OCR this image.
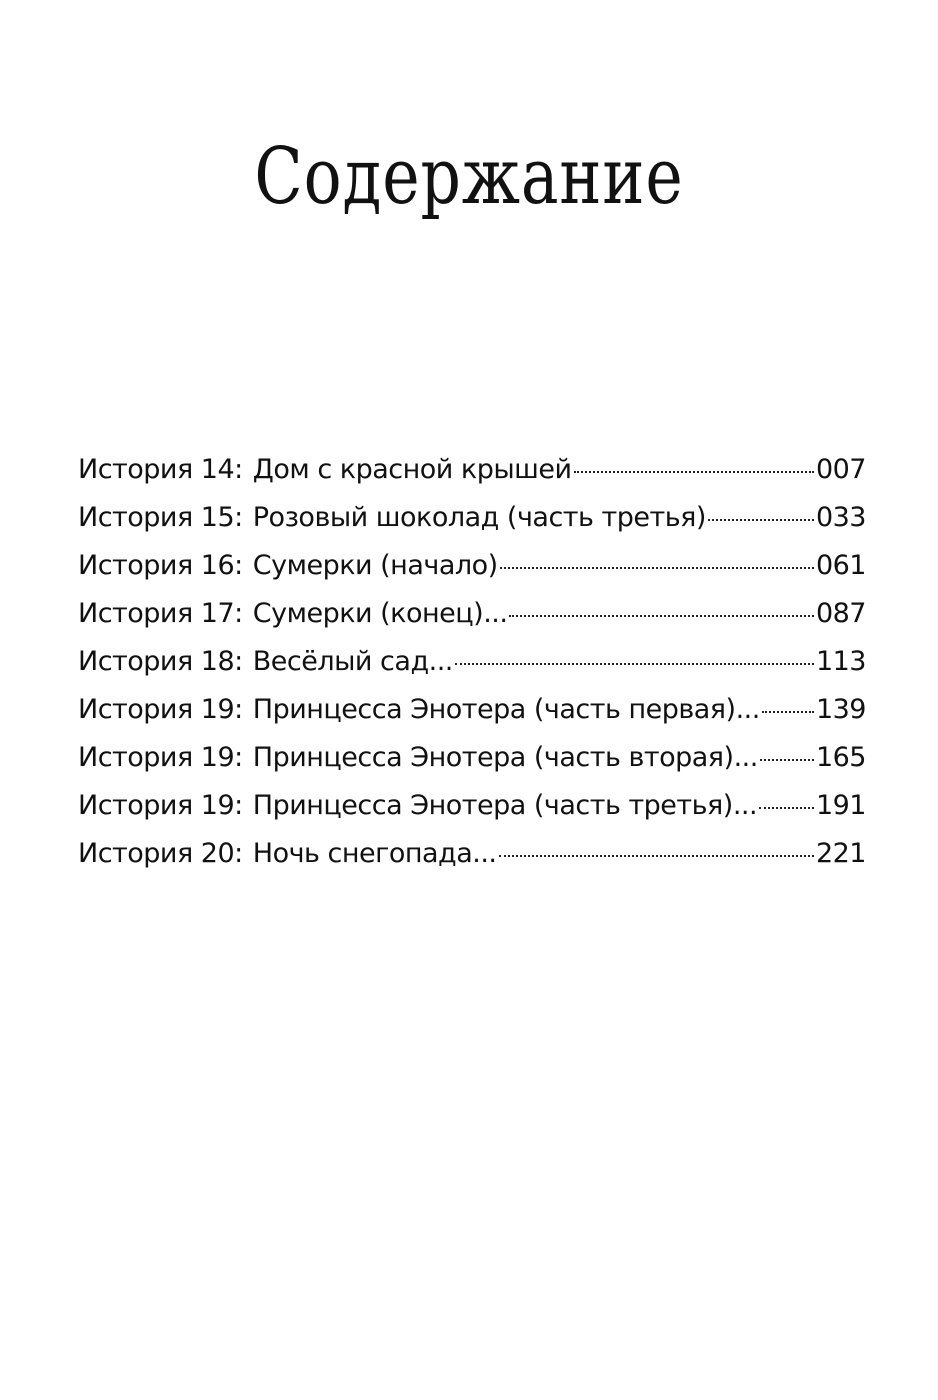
Содержание
История 14: Дом с красной крышей	007
История 15: Розовый шоколад (часть третья)	033
История 16: Сумерки (начало)	061
История 17: Сумерки (конец)...	087
История 18: Весёлый сад...	113
История 19: Принцесса Энотера (часть первая)... 139
История 19: Принцесса Энотера (часть вторая)... 165
История 19: Принцесса Энотера (часть третья)... 191
История 20: Ночь снегопада...	221
